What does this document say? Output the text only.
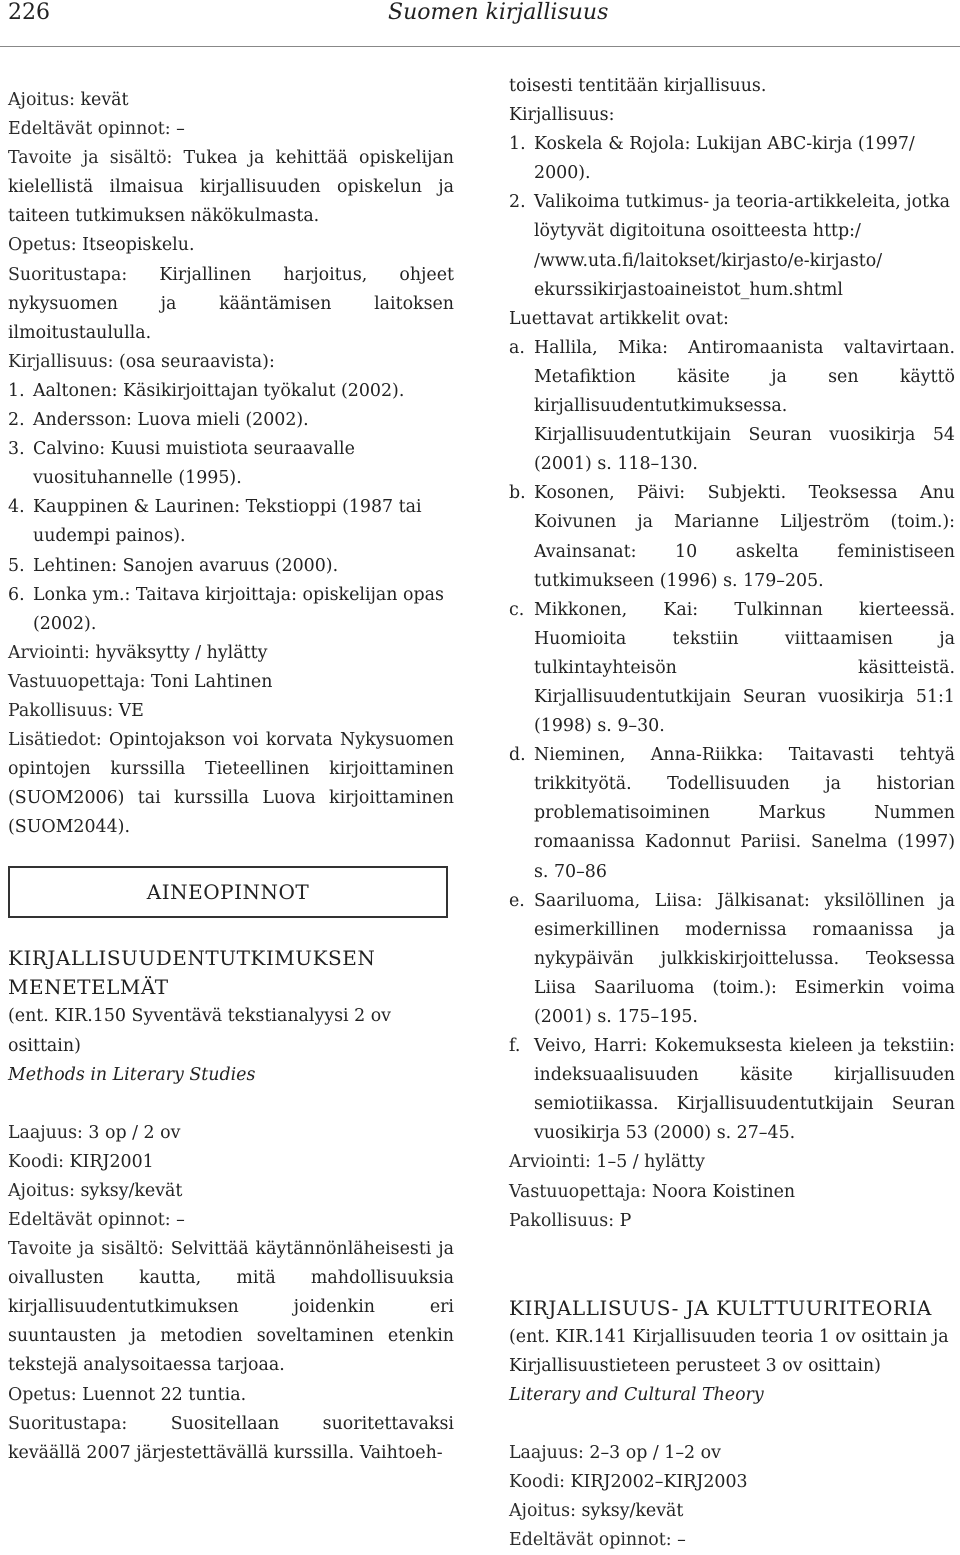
226	Suomen kirjallisuus

Ajoitus: kevät

Edeltävät opinnot: –

Tavoite ja sisältö: Tukea ja kehittää opiskelijan kielellistä ilmaisua kirjallisuuden opiskelun ja taiteen tutkimuksen näkökulmasta.

Opetus: Itseopiskelu.

Suoritustapa: Kirjallinen harjoitus, ohjeet nykysuomen ja kääntämisen laitoksen ilmoitustaululla.

Kirjallisuus: (osa seuraavista):

1. Aaltonen: Käsikirjoittajan työkalut (2002).
2. Andersson: Luova mieli (2002).
3. Calvino: Kuusi muistiota seuraavalle vuosituhannelle (1995).
4. Kauppinen & Laurinen: Tekstioppi (1987 tai uudempi painos).
5. Lehtinen: Sanojen avaruus (2000).
6. Lonka ym.: Taitava kirjoittaja: opiskelijan opas (2002).

Arviointi: hyväksytty / hylätty

Vastuuopettaja: Toni Lahtinen

Pakollisuus: VE

Lisätiedot: Opintojakson voi korvata Nykysuomen opintojen kurssilla Tieteellinen kirjoittaminen (SUOM2006) tai kurssilla Luova kirjoittaminen (SUOM2044).

AINEOPINNOT

KIRJALLISUUDENTUTKIMUKSEN

MENETELMÄT

(ent. KIR.150 Syventävä tekstianalyysi 2 ov osittain)

Methods in Literary Studies

Laajuus: 3 op / 2 ov

Koodi: KIRJ2001

Ajoitus: syksy/kevät

Edeltävät opinnot: –

Tavoite ja sisältö: Selvittää käytännönläheisesti ja oivallusten kautta, mitä mahdollisuuksia kirjallisuudentutkimuksen joidenkin eri suuntausten ja metodien soveltaminen etenkin tekstejä analysoitaessa tarjoaa.

Opetus: Luennot 22 tuntia.

Suoritustapa: Suositellaan suoritettavaksi keväällä 2007 järjestettävällä kurssilla. Vaihtoeh-

toisesti tentitään kirjallisuus.

Kirjallisuus:

1. Koskela & Rojola: Lukijan ABC-kirja (1997/ 2000).
2. Valikoima tutkimus- ja teoria-artikkeleita, jotka löytyvät digitoituna osoitteesta http:/ /www.uta.fi/laitokset/kirjasto/e-kirjasto/ ekurssikirjastoaineistot_hum.shtml

Luettavat artikkelit ovat:

a. Hallila, Mika: Antiromaanista valtavirtaan. Metafiktion käsite ja sen käyttö kirjallisuudentutkimuksessa. Kirjallisuudentutkijain Seuran vuosikirja 54 (2001) s. 118–130.
b. Kosonen, Päivi: Subjekti. Teoksessa Anu Koivunen ja Marianne Liljeström (toim.): Avainsanat: 10 askelta feministiseen tutkimukseen (1996) s. 179–205.
c. Mikkonen, Kai: Tulkinnan kierteessä. Huomioita tekstiin viittaamisen ja tulkintayhteisön käsitteistä. Kirjallisuudentutkijain Seuran vuosikirja 51:1 (1998) s. 9–30.
d. Nieminen, Anna-Riikka: Taitavasti tehtyä trikkityötä. Todellisuuden ja historian problematisoiminen Markus Nummen romaanissa Kadonnut Pariisi. Sanelma (1997) s. 70–86
e. Saariluoma, Liisa: Jälkisanat: yksilöllinen ja esimerkillinen modernissa romaanissa ja nykypäivän julkkiskirjoittelussa. Teoksessa Liisa Saariluoma (toim.): Esimerkin voima (2001) s. 175–195.
f. Veivo, Harri: Kokemuksesta kieleen ja tekstiin: indeksuaalisuuden käsite kirjallisuuden semiotiikassa. Kirjallisuudentutkijain Seuran vuosikirja 53 (2000) s. 27–45.

Arviointi: 1–5 / hylätty

Vastuuopettaja: Noora Koistinen

Pakollisuus: P

KIRJALLISUUS- JA KULTTUURITEORIA

(ent. KIR.141 Kirjallisuuden teoria 1 ov osittain ja Kirjallisuustieteen perusteet 3 ov osittain)

Literary and Cultural Theory

Laajuus: 2–3 op / 1–2 ov

Koodi: KIRJ2002–KIRJ2003

Ajoitus: syksy/kevät

Edeltävät opinnot: –
